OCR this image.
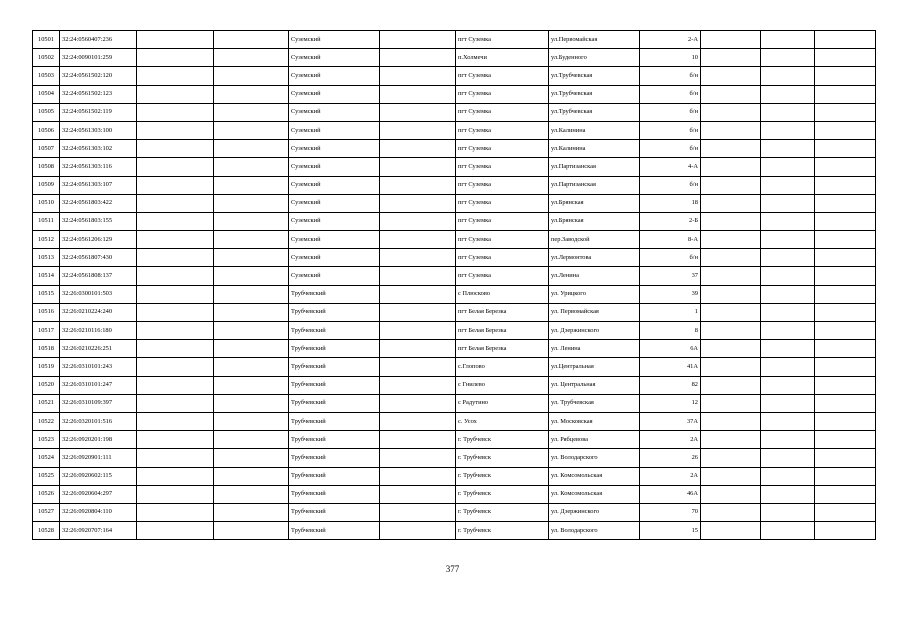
10501	32:24:0560407:236			Суземский		пгт Суземка	ул.Первомайская	2-А			
10502	32:24:0090101:259			Суземский		п.Холмечи	ул.Буденного	10			
10503	32:24:0561502:120			Суземский		пгт Суземка	ул.Трубчевская	б/н			
10504	32:24:0561502:123			Суземский		пгт Суземка	ул.Трубчевская	б/н			
10505	32:24:0561502:119			Суземский		пгт Суземка	ул.Трубчевская	б/н			
10506	32:24:0561303:100			Суземский		пгт Суземка	ул.Калинина	б/н			
10507	32:24:0561303:102			Суземский		пгт Суземка	ул.Калинина	б/н			
10508	32:24:0561303:116			Суземский		пгт Суземка	ул.Партизанская	4-А			
10509	32:24:0561303:107			Суземский		пгт Суземка	ул.Партизанская	б/н			
10510	32:24:0561803:422			Суземский		пгт Суземка	ул.Брянская	18			
10511	32:24:0561803:155			Суземский		пгт Суземка	ул.Брянская	2-Б			
10512	32:24:0561206:129			Суземский		пгт Суземка	пер.Заводской	8-А			
10513	32:24:0561807:430			Суземский		пгт Суземка	ул.Лермонтова	б/н			
10514	32:24:0561808:137			Суземский		пгт Суземка	ул.Ленина	37			
10515	32:26:0300101:503			Трубчевский		с Плюсково	ул. Урицкого	39			
10516	32:26:0210224:240			Трубчевский		пгт Белая Березка	ул. Первомайская	1			
10517	32:26:0210116:180			Трубчевский		пгт Белая Березка	ул. Дзержинского	8			
10518	32:26:0210226:251			Трубчевский		пгт Белая Березка	ул. Ленина	6А			
10519	32:26:0310101:243			Трубчевский		с.Глоповo	ул.Центральная	41А			
10520	32:26:0310101:247			Трубчевский		с Гнилево	ул. Центральная	82			
10521	32:26:0310109:397			Трубчевский		с Радутино	ул. Трубчевская	12			
10522	32:26:0320101:516			Трубчевский		с. Усох	ул. Московская	37А			
10523	32:26:0920201:198			Трубчевский		г. Трубчевск	ул. Рябцевова	2А			
10524	32:26:0920901:111			Трубчевский		г. Трубчевск	ул. Володарского	26			
10525	32:26:0920602:115			Трубчевский		г. Трубчевск	ул. Комсомольская	2А			
10526	32:26:0920604:297			Трубчевский		г. Трубчевск	ул. Комсомольская	46А			
10527	32:26:0920804:110			Трубчевский		г. Трубчевск	ул. Дзержинского	70			
10528	32:26:0920707:164			Трубчевский		г. Трубчевск	ул. Володарского	15			
377
